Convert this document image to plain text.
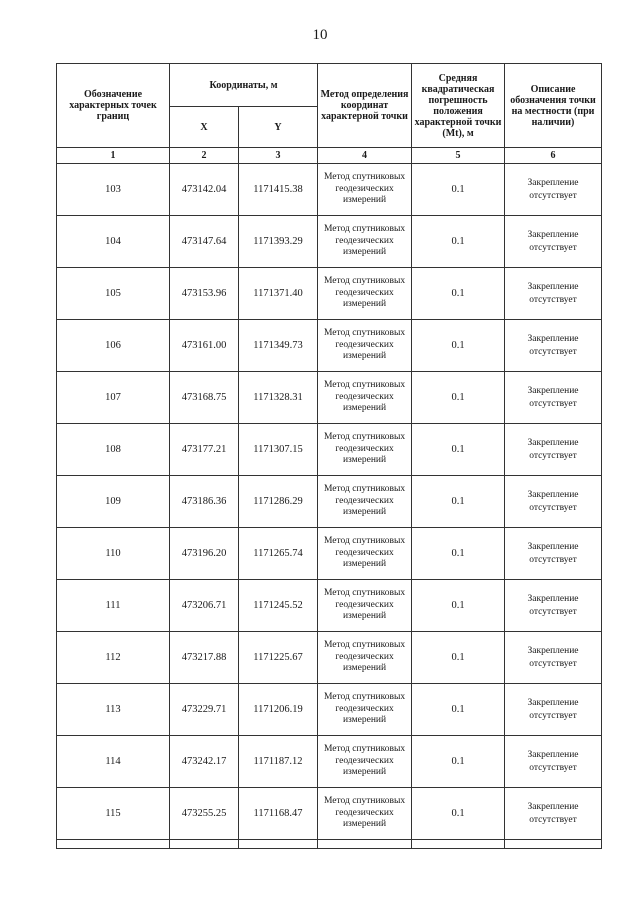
10
Обозначение характерных точек границ	Координаты, м		Метод определения координат характерной точки	Средняя квадратическая погрешность положения характерной точки (Mt), м	Описание обозначения точки на местности (при наличии)
	X	Y			
1	2	3	4	5	6
103	473142.04	1171415.38	Метод спутниковых геодезических измерений	0.1	Закрепление отсутствует
104	473147.64	1171393.29	Метод спутниковых геодезических измерений	0.1	Закрепление отсутствует
105	473153.96	1171371.40	Метод спутниковых геодезических измерений	0.1	Закрепление отсутствует
106	473161.00	1171349.73	Метод спутниковых геодезических измерений	0.1	Закрепление отсутствует
107	473168.75	1171328.31	Метод спутниковых геодезических измерений	0.1	Закрепление отсутствует
108	473177.21	1171307.15	Метод спутниковых геодезических измерений	0.1	Закрепление отсутствует
109	473186.36	1171286.29	Метод спутниковых геодезических измерений	0.1	Закрепление отсутствует
110	473196.20	1171265.74	Метод спутниковых геодезических измерений	0.1	Закрепление отсутствует
111	473206.71	1171245.52	Метод спутниковых геодезических измерений	0.1	Закрепление отсутствует
112	473217.88	1171225.67	Метод спутниковых геодезических измерений	0.1	Закрепление отсутствует
113	473229.71	1171206.19	Метод спутниковых геодезических измерений	0.1	Закрепление отсутствует
114	473242.17	1171187.12	Метод спутниковых геодезических измерений	0.1	Закрепление отсутствует
115	473255.25	1171168.47	Метод спутниковых геодезических измерений	0.1	Закрепление отсутствует
